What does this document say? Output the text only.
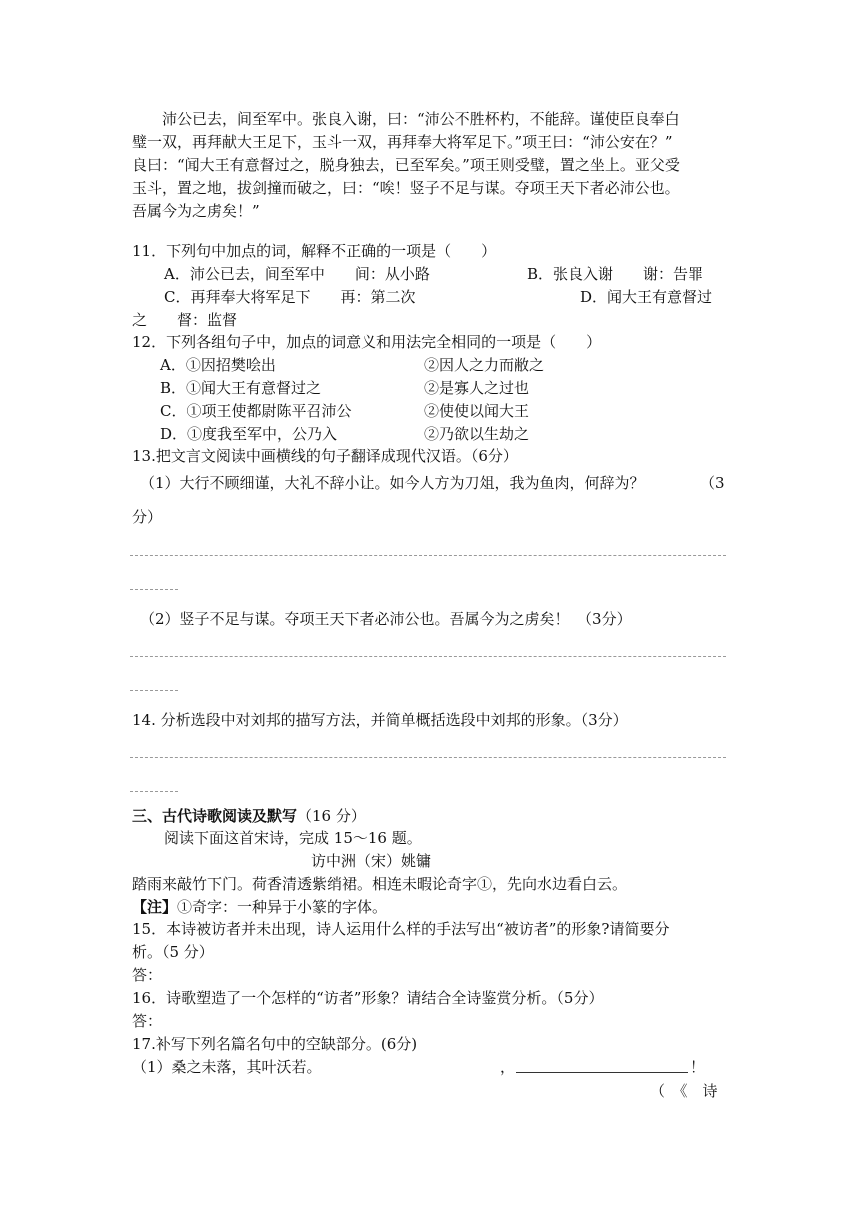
沛公已去，间至军中。张良入谢，曰：“沛公不胜杯杓，不能辞。谨使臣良奉白
璧一双，再拜献大王足下，玉斗一双，再拜奉大将军足下。”项王曰：“沛公安在？”
良曰：“闻大王有意督过之，脱身独去，已至军矣。”项王则受璧，置之坐上。亚父受
玉斗，置之地，拔剑撞而破之，曰：“唉！竖子不足与谋。夺项王天下者必沛公也。
吾属今为之虏矣！”
11．下列句中加点的词，解释不正确的一项是（　　）
A．沛公已去，间至军中　　间：从小路	B．张良入谢　　谢：告罪
C．再拜奉大将军足下　　再：第二次	D．闻大王有意督过
之　　督：监督
12．下列各组句子中，加点的词意义和用法完全相同的一项是（　　）
A．①因招樊哙出	②因人之力而敝之
B．①闻大王有意督过之	②是寡人之过也
C．①项王使都尉陈平召沛公	②使使以闻大王
D．①度我至军中，公乃入	②乃欲以生劫之
13.把文言文阅读中画横线的句子翻译成现代汉语。（6分）
（1）大行不顾细谨，大礼不辞小让。如今人方为刀俎，我为鱼肉，何辞为？	（3
分）
（2）竖子不足与谋。夺项王天下者必沛公也。吾属今为之虏矣！　（3分）
14. 分析选段中对刘邦的描写方法，并简单概括选段中刘邦的形象。（3分）
三、古代诗歌阅读及默写（16 分）
阅读下面这首宋诗，完成 15～16 题。
访中洲（宋）姚镛
踏雨来敲竹下门。荷香清透紫绡裙。相连未暇论奇字①，先向水边看白云。
【注】①奇字：一种异于小篆的字体。
15．本诗被访者并未出现，诗人运用什么样的手法写出“被访者”的形象?请简要分
析。（5 分）
答：
16．诗歌塑造了一个怎样的“访者”形象？请结合全诗鉴赏分析。（5分）
答：
17.补写下列名篇名句中的空缺部分。(6分)
（1）桑之未落，其叶沃若。	，	！
（　《　诗
